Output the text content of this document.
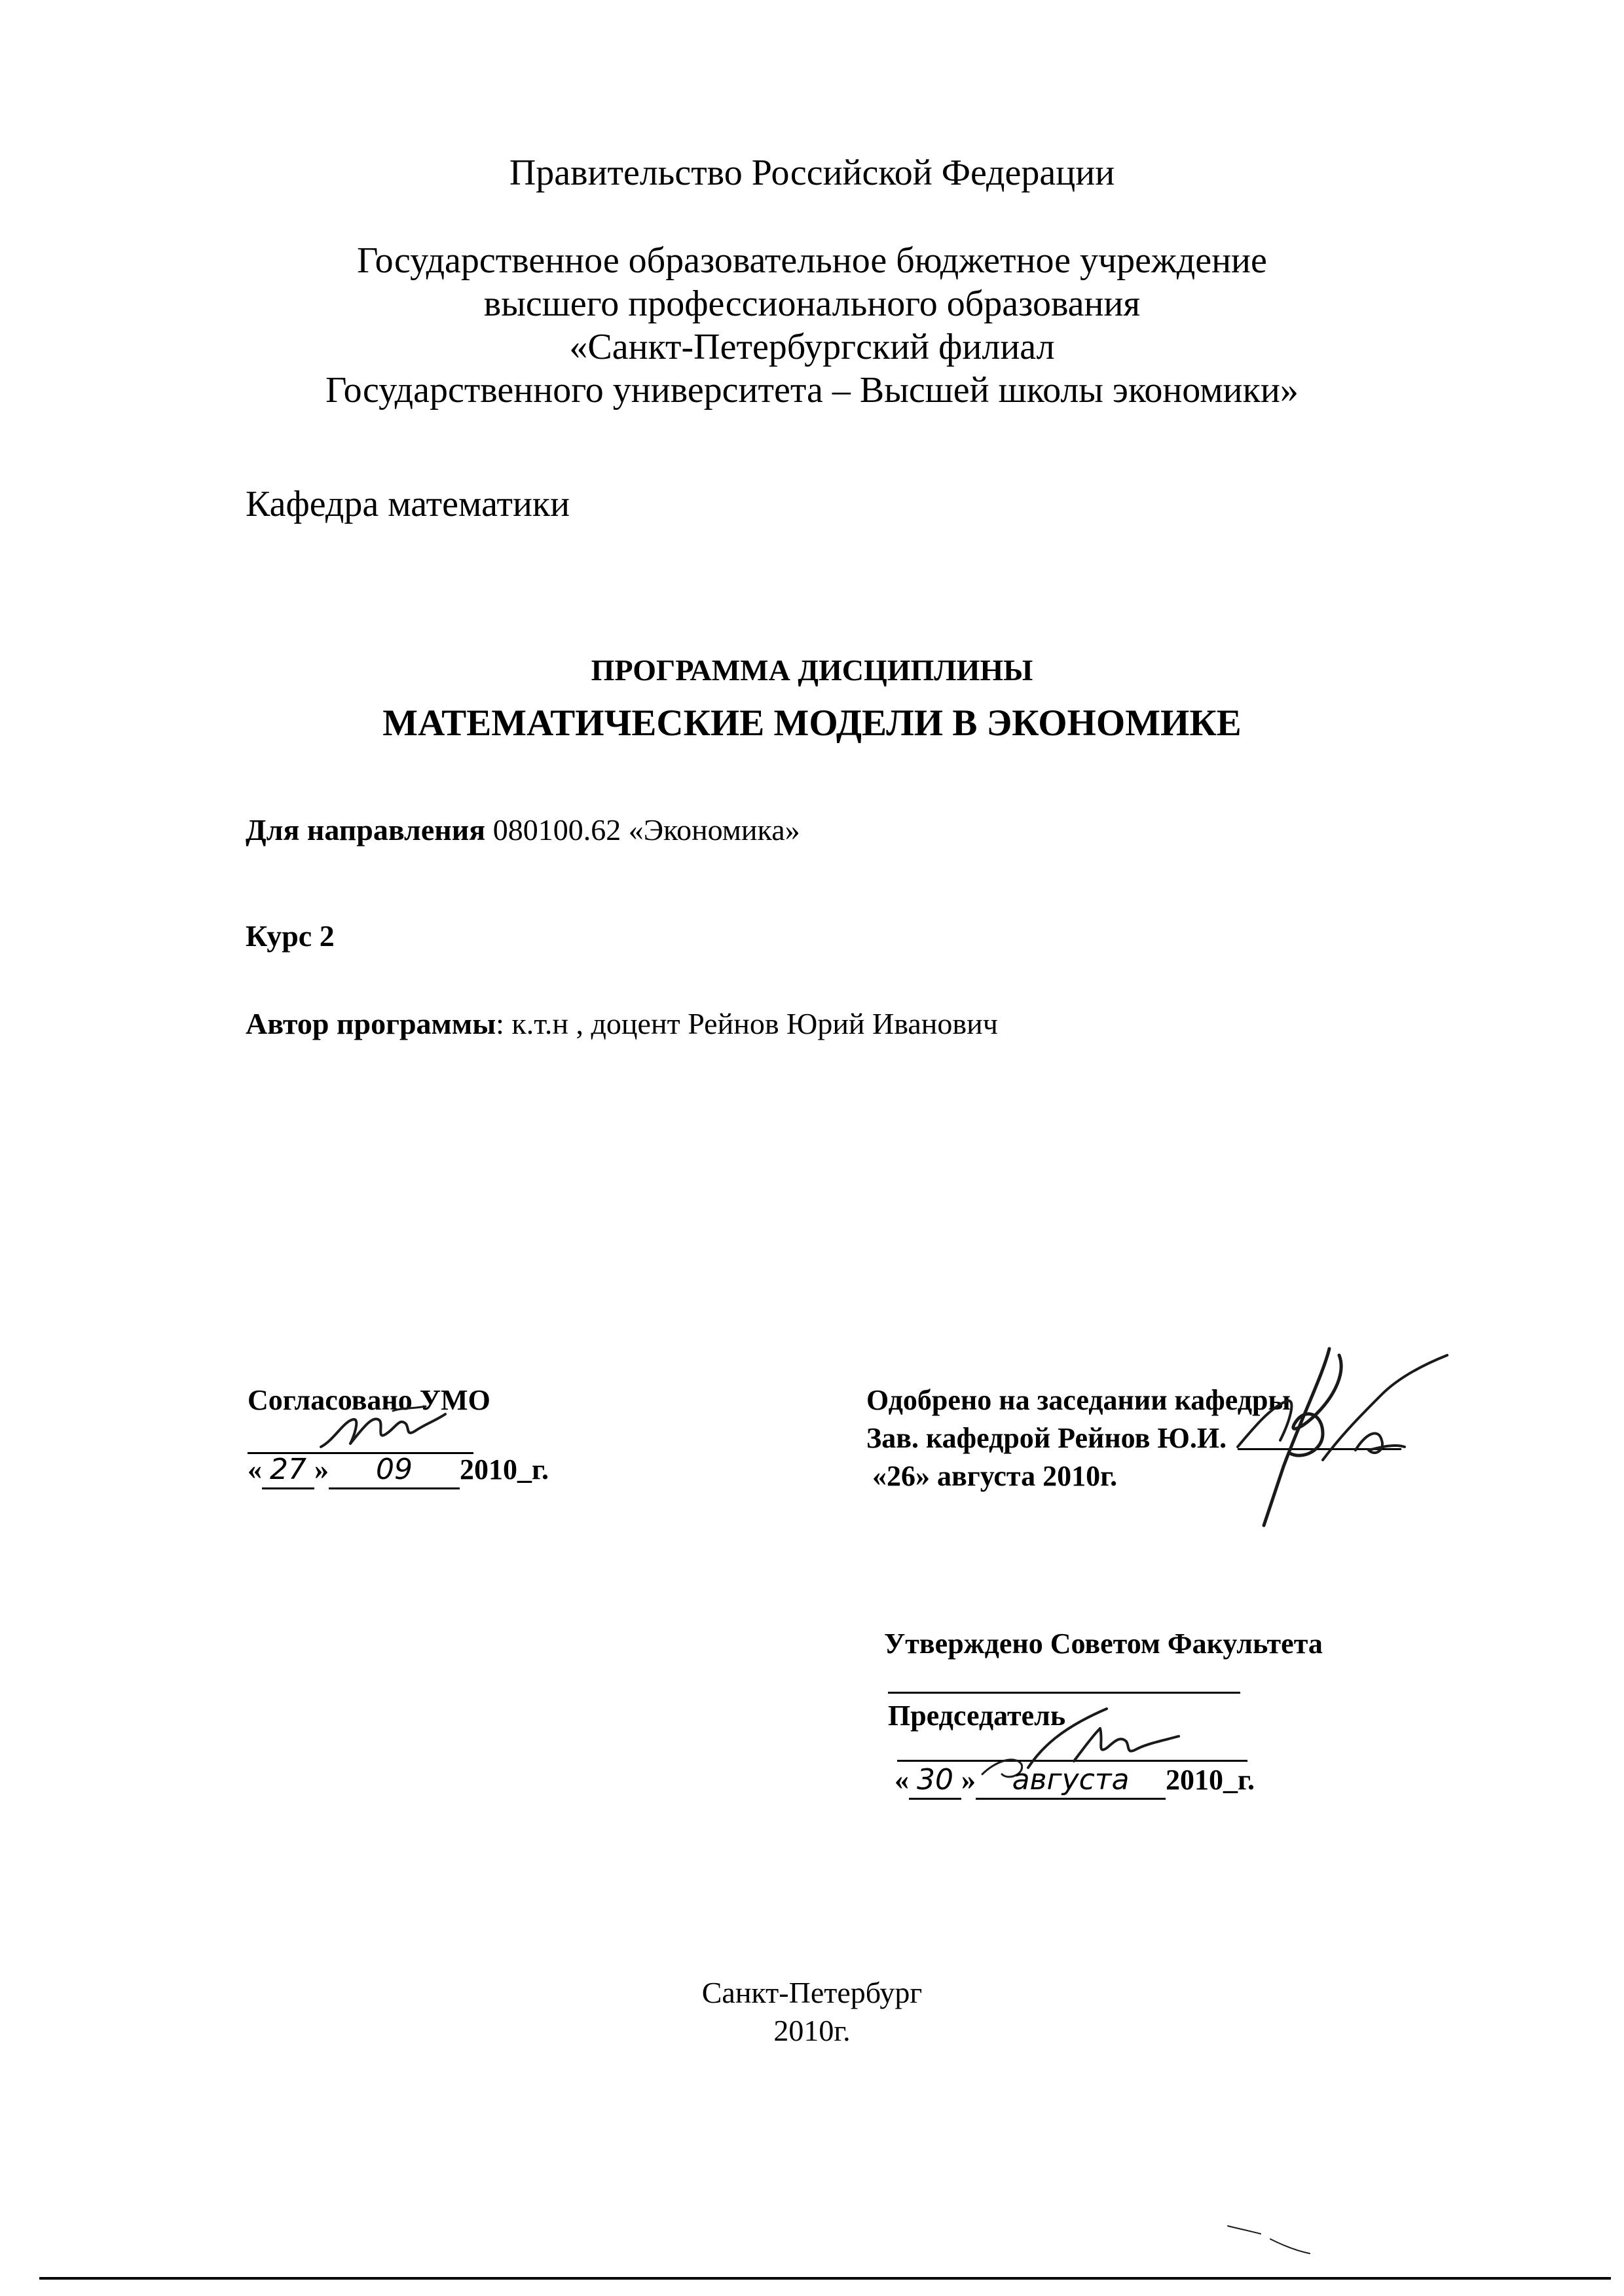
Правительство Российской Федерации
Государственное образовательное бюджетное учреждение
высшего профессионального образования
«Санкт-Петербургский филиал
Государственного университета – Высшей школы экономики»
Кафедра математики
ПРОГРАММА ДИСЦИПЛИНЫ
МАТЕМАТИЧЕСКИЕ МОДЕЛИ В ЭКОНОМИКЕ
Для направления 080100.62 «Экономика»
Курс 2
Автор программы: к.т.н , доцент Рейнов Юрий Иванович
Согласовано УМО
« 27 » 09 2010_г.
Одобрено на заседании кафедры
Зав. кафедрой Рейнов Ю.И.
«26» августа 2010г.
Утверждено Советом Факультета
Председатель
« 30 » августа 2010_г.
Санкт-Петербург
2010г.
